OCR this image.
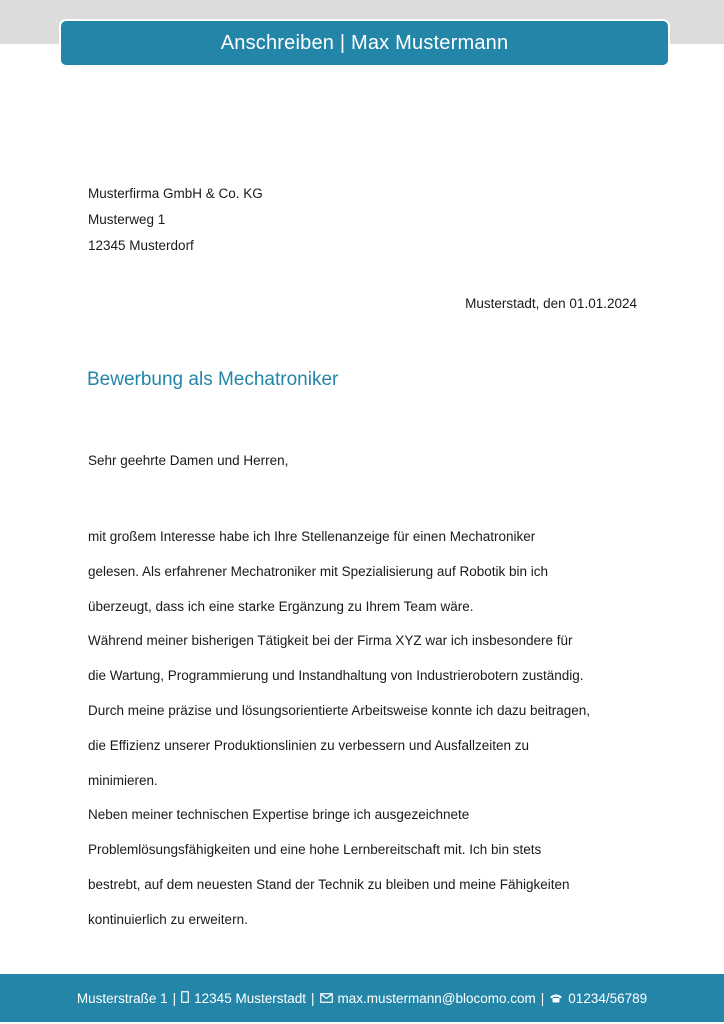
Anschreiben | Max Mustermann
Musterfirma GmbH & Co. KG
Musterweg 1
12345 Musterdorf
Musterstadt, den 01.01.2024
Bewerbung als Mechatroniker
Sehr geehrte Damen und Herren,
mit großem Interesse habe ich Ihre Stellenanzeige für einen Mechatroniker
gelesen. Als erfahrener Mechatroniker mit Spezialisierung auf Robotik bin ich
überzeugt, dass ich eine starke Ergänzung zu Ihrem Team wäre.
Während meiner bisherigen Tätigkeit bei der Firma XYZ war ich insbesondere für
die Wartung, Programmierung und Instandhaltung von Industrierobotern zuständig.
Durch meine präzise und lösungsorientierte Arbeitsweise konnte ich dazu beitragen,
die Effizienz unserer Produktionslinien zu verbessern und Ausfallzeiten zu
minimieren.
Neben meiner technischen Expertise bringe ich ausgezeichnete
Problemlösungsfähigkeiten und eine hohe Lernbereitschaft mit. Ich bin stets
bestrebt, auf dem neuesten Stand der Technik zu bleiben und meine Fähigkeiten
kontinuierlich zu erweitern.
Musterstraße 1 | 12345 Musterstadt | max.mustermann@blocomo.com | 01234/56789
